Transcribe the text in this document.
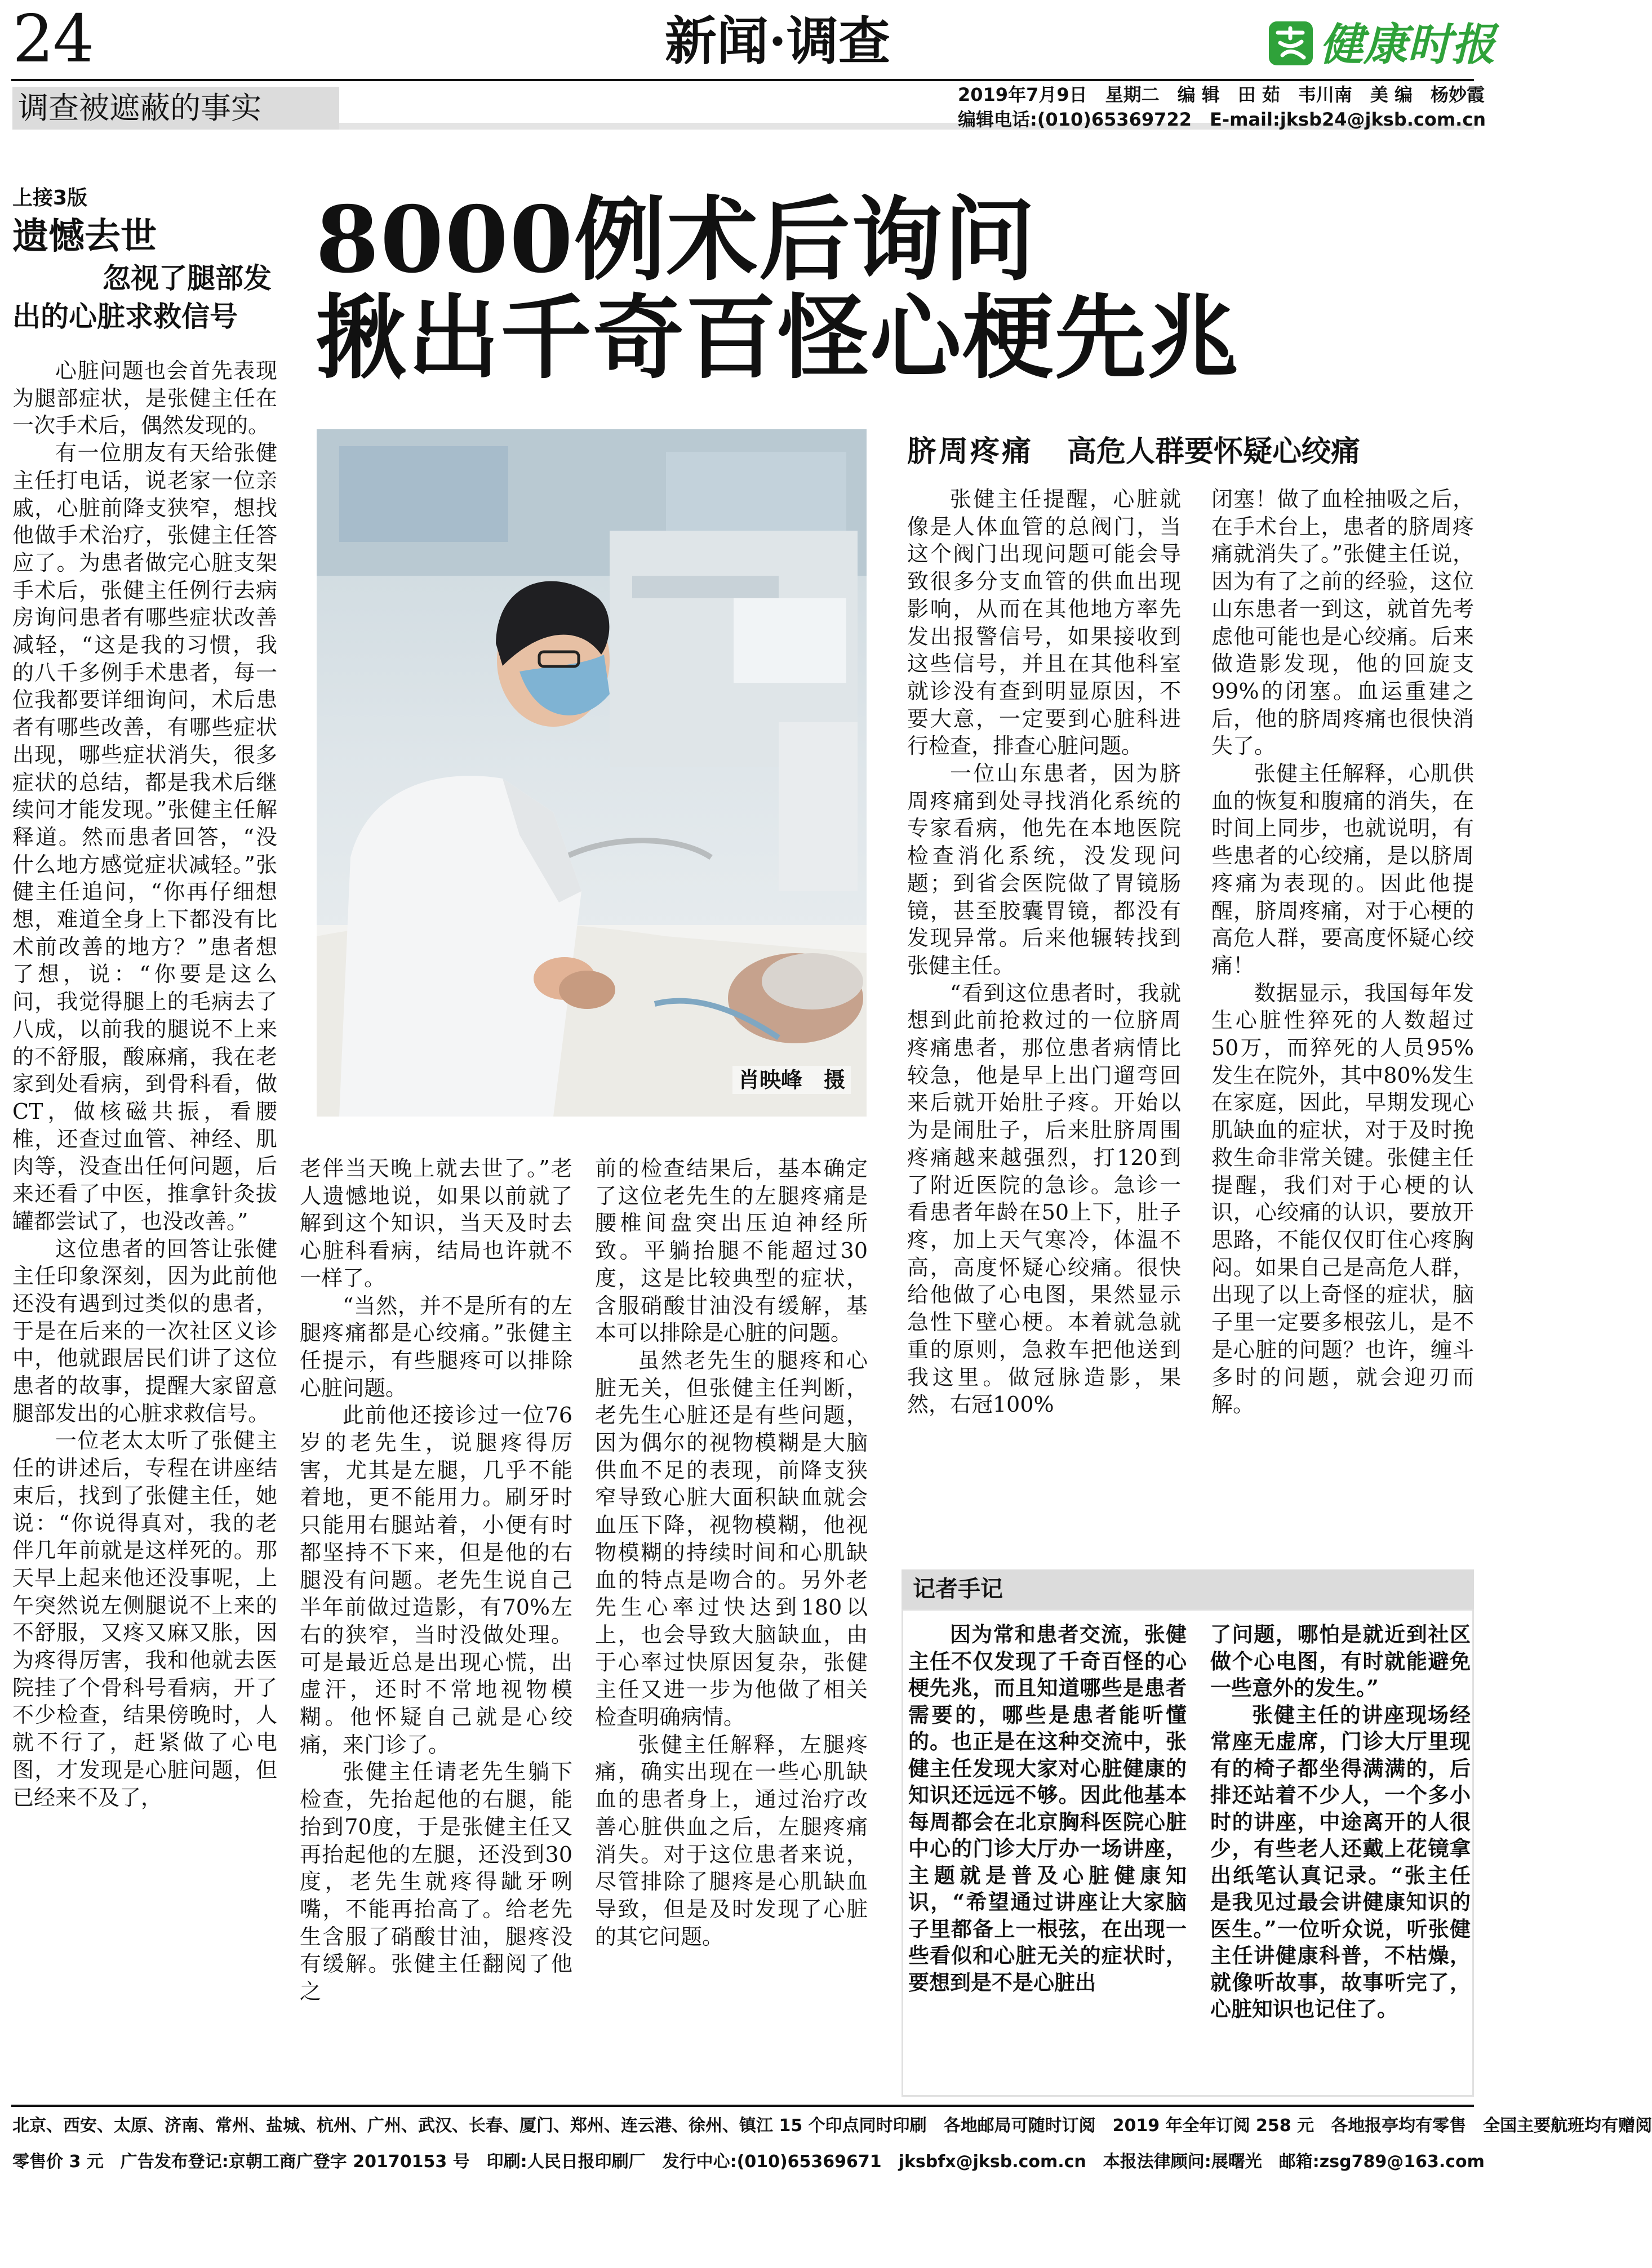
24	新闻·调查	健康时报
调查被遮蔽的事实	2019年7月9日　星期二　编 辑　田 茹　韦川南　美 编　杨妙霞
编辑电话:(010)65369722　E-mail:jksb24@jksb.com.cn
上接3版
遗憾去世
忽视了腿部发
出的心脏求救信号

心脏问题也会首先表现为腿部症状，是张健主任在一次手术后，偶然发现的。

有一位朋友有天给张健主任打电话，说老家一位亲戚，心脏前降支狭窄，想找他做手术治疗，张健主任答应了。为患者做完心脏支架手术后，张健主任例行去病房询问患者有哪些症状改善减轻，“这是我的习惯，我的八千多例手术患者，每一位我都要详细询问，术后患者有哪些改善，有哪些症状出现，哪些症状消失，很多症状的总结，都是我术后继续问才能发现。”张健主任解释道。然而患者回答，“没什么地方感觉症状减轻。”张健主任追问，“你再仔细想想，难道全身上下都没有比术前改善的地方？”患者想了想，说：“你要是这么问，我觉得腿上的毛病去了八成，以前我的腿说不上来的不舒服，酸麻痛，我在老家到处看病，到骨科看，做CT，做核磁共振，看腰椎，还查过血管、神经、肌肉等，没查出任何问题，后来还看了中医，推拿针灸拔罐都尝试了，也没改善。”

这位患者的回答让张健主任印象深刻，因为此前他还没有遇到过类似的患者，于是在后来的一次社区义诊中，他就跟居民们讲了这位患者的故事，提醒大家留意腿部发出的心脏求救信号。

一位老太太听了张健主任的讲述后，专程在讲座结束后，找到了张健主任，她说：“你说得真对，我的老伴几年前就是这样死的。那天早上起来他还没事呢，上午突然说左侧腿说不上来的不舒服，又疼又麻又胀，因为疼得厉害，我和他就去医院挂了个骨科号看病，开了不少检查，结果傍晚时，人就不行了，赶紧做了心电图，才发现是心脏问题，但已经来不及了，

8000例术后询问
揪出千奇百怪心梗先兆
肖映峰　摄
脐周疼痛 高危人群要怀疑心绞痛

老伴当天晚上就去世了。”老人遗憾地说，如果以前就了解到这个知识，当天及时去心脏科看病，结局也许就不一样了。

“当然，并不是所有的左腿疼痛都是心绞痛。”张健主任提示，有些腿疼可以排除心脏问题。

此前他还接诊过一位76岁的老先生，说腿疼得厉害，尤其是左腿，几乎不能着地，更不能用力。刷牙时只能用右腿站着，小便有时都坚持不下来，但是他的右腿没有问题。老先生说自己半年前做过造影，有70%左右的狭窄，当时没做处理。可是最近总是出现心慌，出虚汗，还时不常地视物模糊。他怀疑自己就是心绞痛，来门诊了。

张健主任请老先生躺下检查，先抬起他的右腿，能抬到70度，于是张健主任又再抬起他的左腿，还没到30度，老先生就疼得龇牙咧嘴，不能再抬高了。给老先生含服了硝酸甘油，腿疼没有缓解。张健主任翻阅了他之

前的检查结果后，基本确定了这位老先生的左腿疼痛是腰椎间盘突出压迫神经所致。平躺抬腿不能超过30度，这是比较典型的症状，含服硝酸甘油没有缓解，基本可以排除是心脏的问题。

虽然老先生的腿疼和心脏无关，但张健主任判断，老先生心脏还是有些问题，因为偶尔的视物模糊是大脑供血不足的表现，前降支狭窄导致心脏大面积缺血就会血压下降，视物模糊，他视物模糊的持续时间和心肌缺血的特点是吻合的。另外老先生心率过快达到180以上，也会导致大脑缺血，由于心率过快原因复杂，张健主任又进一步为他做了相关检查明确病情。

张健主任解释，左腿疼痛，确实出现在一些心肌缺血的患者身上，通过治疗改善心脏供血之后，左腿疼痛消失。对于这位患者来说，尽管排除了腿疼是心肌缺血导致，但是及时发现了心脏的其它问题。

张健主任提醒，心脏就像是人体血管的总阀门，当这个阀门出现问题可能会导致很多分支血管的供血出现影响，从而在其他地方率先发出报警信号，如果接收到这些信号，并且在其他科室就诊没有查到明显原因，不要大意，一定要到心脏科进行检查，排查心脏问题。

一位山东患者，因为脐周疼痛到处寻找消化系统的专家看病，他先在本地医院检查消化系统，没发现问题；到省会医院做了胃镜肠镜，甚至胶囊胃镜，都没有发现异常。后来他辗转找到张健主任。

“看到这位患者时，我就想到此前抢救过的一位脐周疼痛患者，那位患者病情比较急，他是早上出门遛弯回来后就开始肚子疼。开始以为是闹肚子，后来肚脐周围疼痛越来越强烈，打120到了附近医院的急诊。急诊一看患者年龄在50上下，肚子疼，加上天气寒冷，体温不高，高度怀疑心绞痛。很快给他做了心电图，果然显示急性下壁心梗。本着就急就重的原则，急救车把他送到我这里。做冠脉造影，果然，右冠100%

闭塞！做了血栓抽吸之后，在手术台上，患者的脐周疼痛就消失了。”张健主任说，因为有了之前的经验，这位山东患者一到这，就首先考虑他可能也是心绞痛。后来做造影发现，他的回旋支99%的闭塞。血运重建之后，他的脐周疼痛也很快消失了。

张健主任解释，心肌供血的恢复和腹痛的消失，在时间上同步，也就说明，有些患者的心绞痛，是以脐周疼痛为表现的。因此他提醒，脐周疼痛，对于心梗的高危人群，要高度怀疑心绞痛！

数据显示，我国每年发生心脏性猝死的人数超过50万，而猝死的人员95%发生在院外，其中80%发生在家庭，因此，早期发现心肌缺血的症状，对于及时挽救生命非常关键。张健主任提醒，我们对于心梗的认识，心绞痛的认识，要放开思路，不能仅仅盯住心疼胸闷。如果自己是高危人群，出现了以上奇怪的症状，脑子里一定要多根弦儿，是不是心脏的问题？也许，缠斗多时的问题，就会迎刃而解。

记者手记

因为常和患者交流，张健主任不仅发现了千奇百怪的心梗先兆，而且知道哪些是患者需要的，哪些是患者能听懂的。也正是在这种交流中，张健主任发现大家对心脏健康的知识还远远不够。因此他基本每周都会在北京胸科医院心脏中心的门诊大厅办一场讲座，主题就是普及心脏健康知识，“希望通过讲座让大家脑子里都备上一根弦，在出现一些看似和心脏无关的症状时，要想到是不是心脏出

了问题，哪怕是就近到社区做个心电图，有时就能避免一些意外的发生。”

张健主任的讲座现场经常座无虚席，门诊大厅里现有的椅子都坐得满满的，后排还站着不少人，一个多小时的讲座，中途离开的人很少，有些老人还戴上花镜拿出纸笔认真记录。“张主任是我见过最会讲健康知识的医生。”一位听众说，听张健主任讲健康科普，不枯燥，就像听故事，故事听完了，心脏知识也记住了。

北京、西安、太原、济南、常州、盐城、杭州、广州、武汉、长春、厦门、郑州、连云港、徐州、镇江 15 个印点同时印刷　各地邮局可随时订阅　2019 年全年订阅 258 元　各地报亭均有零售　全国主要航班均有赠阅
零售价 3 元　广告发布登记:京朝工商广登字 20170153 号　印刷:人民日报印刷厂　发行中心:(010)65369671　jksbfx@jksb.com.cn　本报法律顾问:展曙光　邮箱:zsg789@163.com
